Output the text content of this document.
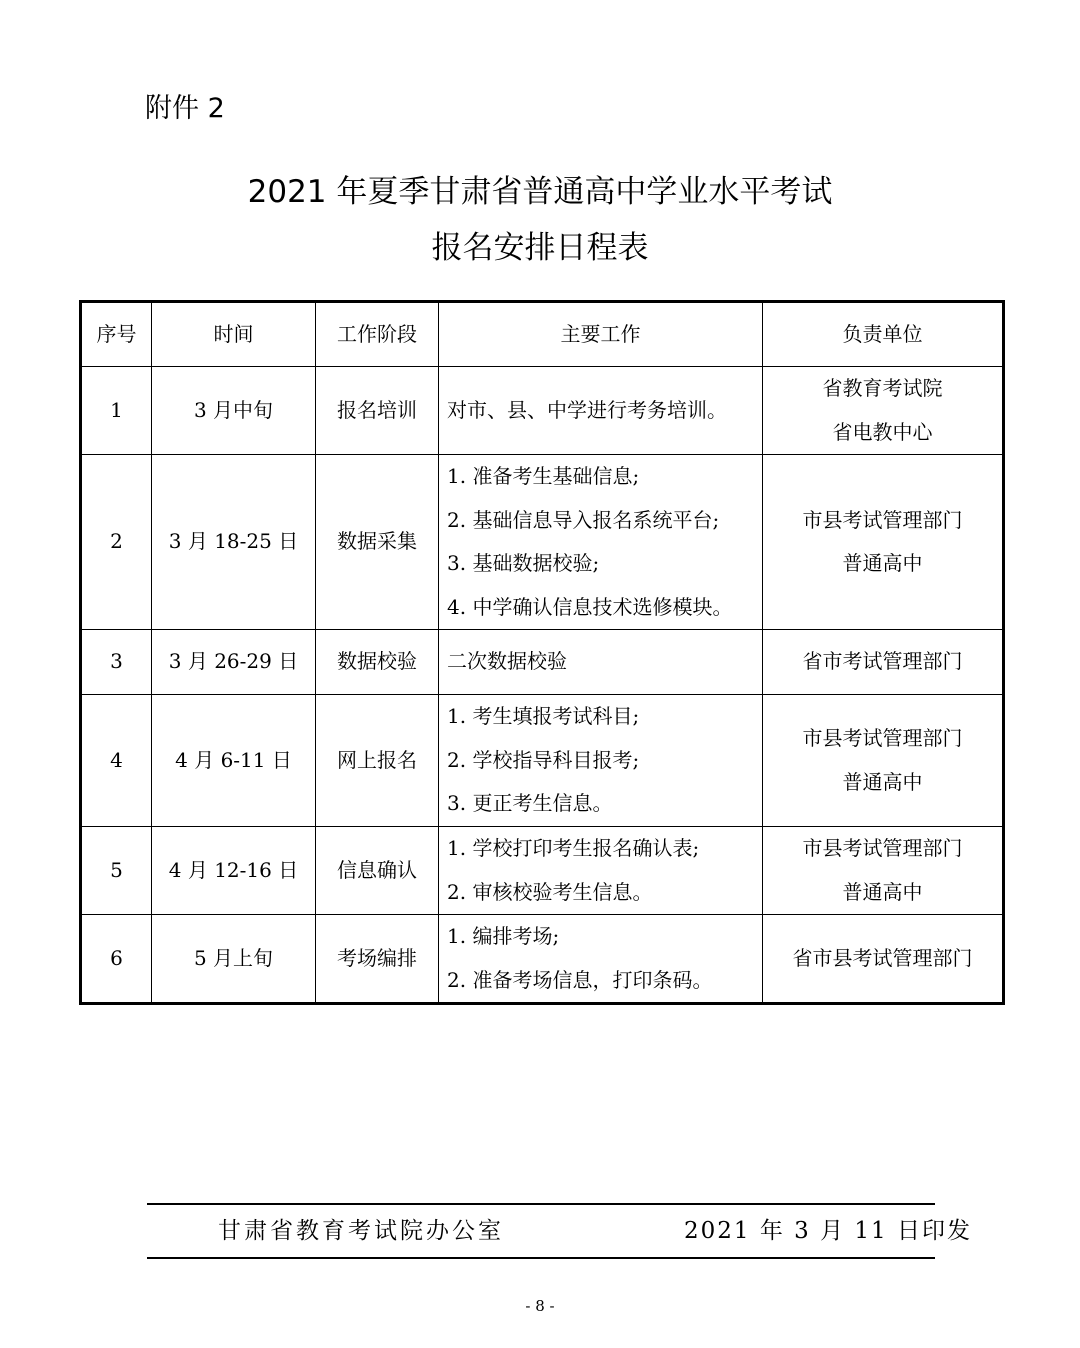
附件 2
2021 年夏季甘肃省普通高中学业水平考试
报名安排日程表
序号	时间	工作阶段	主要工作	负责单位
1	3 月中旬	报名培训	对市、县、中学进行考务培训。	省教育考试院
省电教中心

2	3 月 18-25 日	数据采集	1. 准备考生基础信息;
2. 基础信息导入报名系统平台;
3. 基础数据校验;
4. 中学确认信息技术选修模块。	市县考试管理部门
普通高中

3	3 月 26-29 日	数据校验	二次数据校验	省市考试管理部门

4	4 月 6-11 日	网上报名	1. 考生填报考试科目;
2. 学校指导科目报考;
3. 更正考生信息。	市县考试管理部门
普通高中

5	4 月 12-16 日	信息确认	1. 学校打印考生报名确认表;
2. 审核校验考生信息。	市县考试管理部门
普通高中

6	5 月上旬	考场编排	1. 编排考场;
2. 准备考场信息，打印条码。	省市县考试管理部门
甘肃省教育考试院办公室	2021 年 3 月 11 日印发
- 8 -
